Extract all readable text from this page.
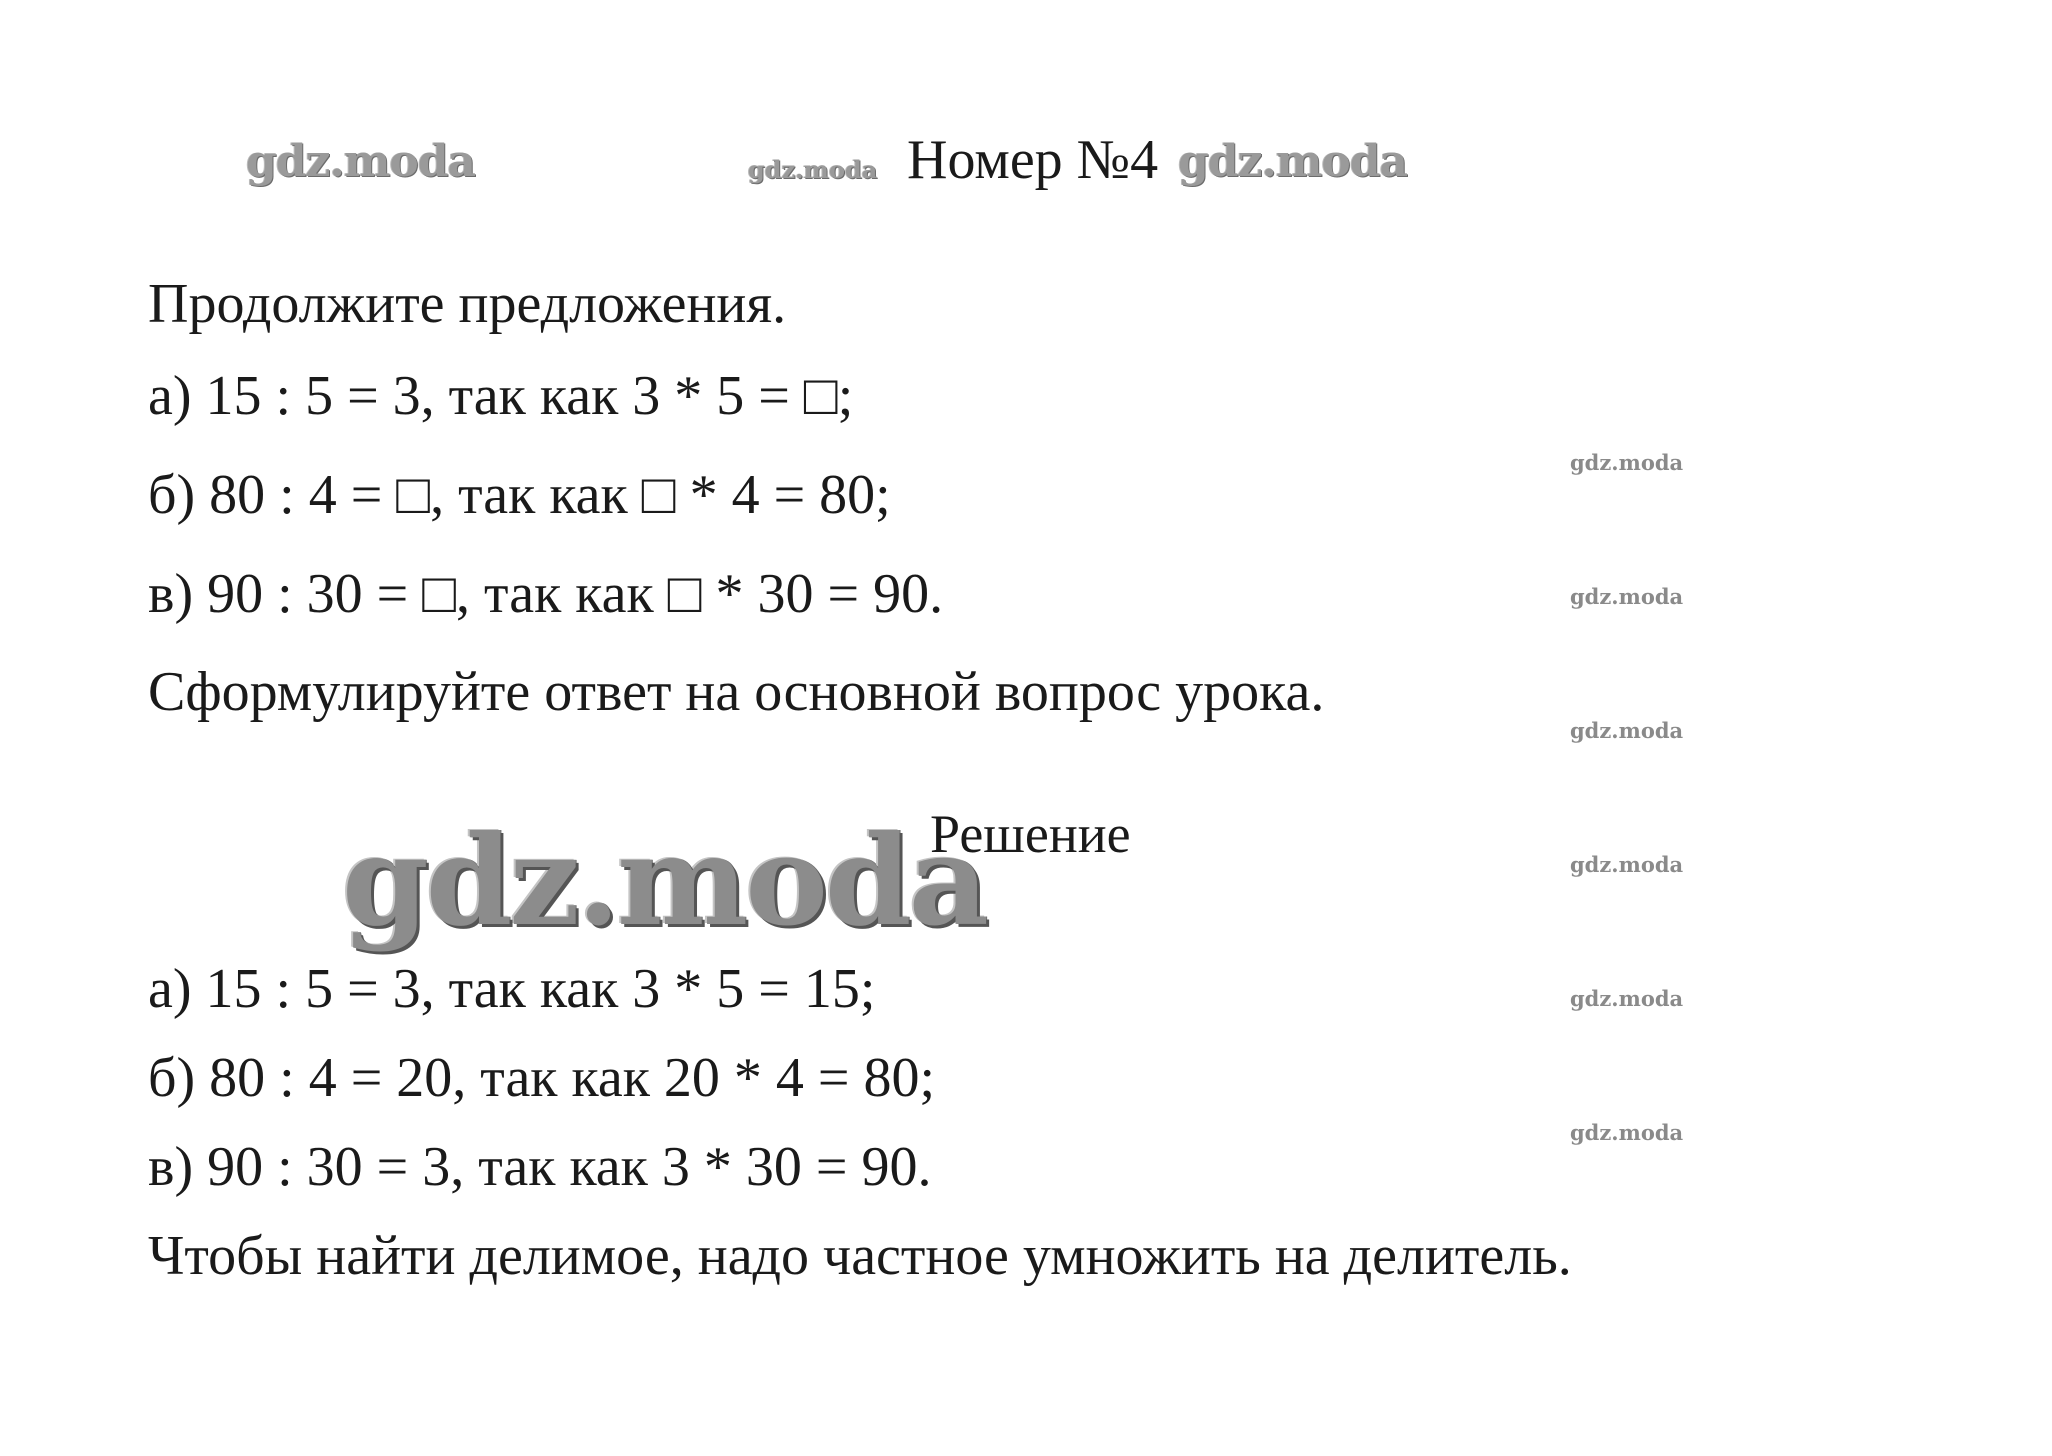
gdz.moda	gdz.moda Номер №4 gdz.moda
Продолжите предложения.
а) 15 : 5 = 3, так как 3 * 5 = □;
б) 80 : 4 = □, так как □ * 4 = 80;
в) 90 : 30 = □, так как □ * 30 = 90.
Сформулируйте ответ на основной вопрос урока.
gdz.moda
gdz.moda
gdz.moda
gdz.moda
gdz.moda
gdz.moda
gdz.moda
Решение
а) 15 : 5 = 3, так как 3 * 5 = 15;
б) 80 : 4 = 20, так как 20 * 4 = 80;
в) 90 : 30 = 3, так как 3 * 30 = 90.
Чтобы найти делимое, надо частное умножить на делитель.
